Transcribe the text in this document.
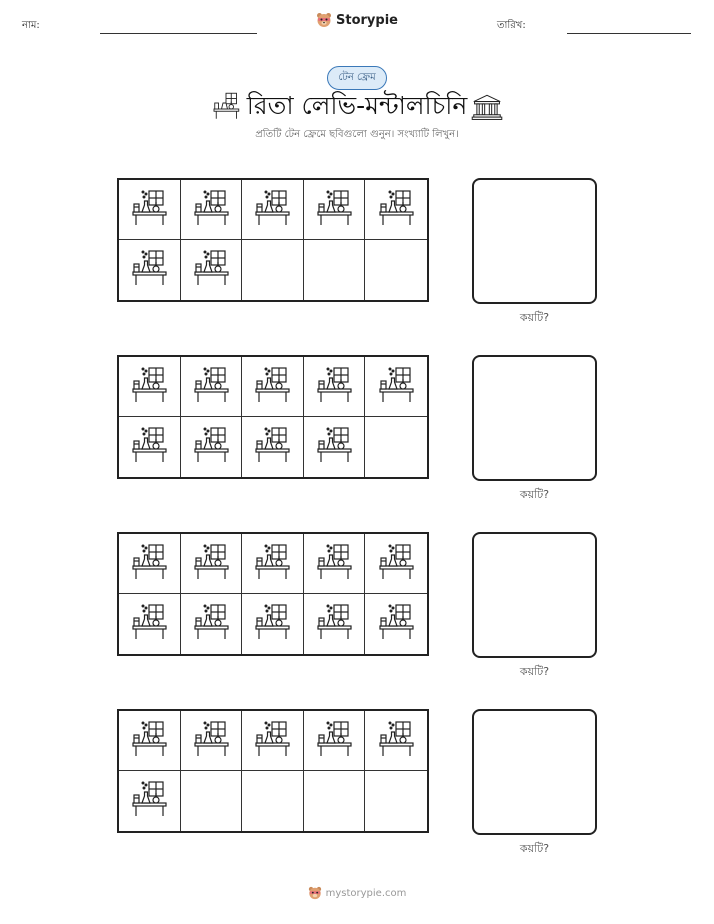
নাম:	Storypie	তারিখ:
টেন ফ্রেম
রিতা লেভি-মন্টালচিনি
প্রতিটি টেন ফ্রেমে ছবিগুলো গুনুন। সংখ্যাটি লিখুন।
কয়টি?
কয়টি?
কয়টি?
কয়টি?
mystorypie.com
